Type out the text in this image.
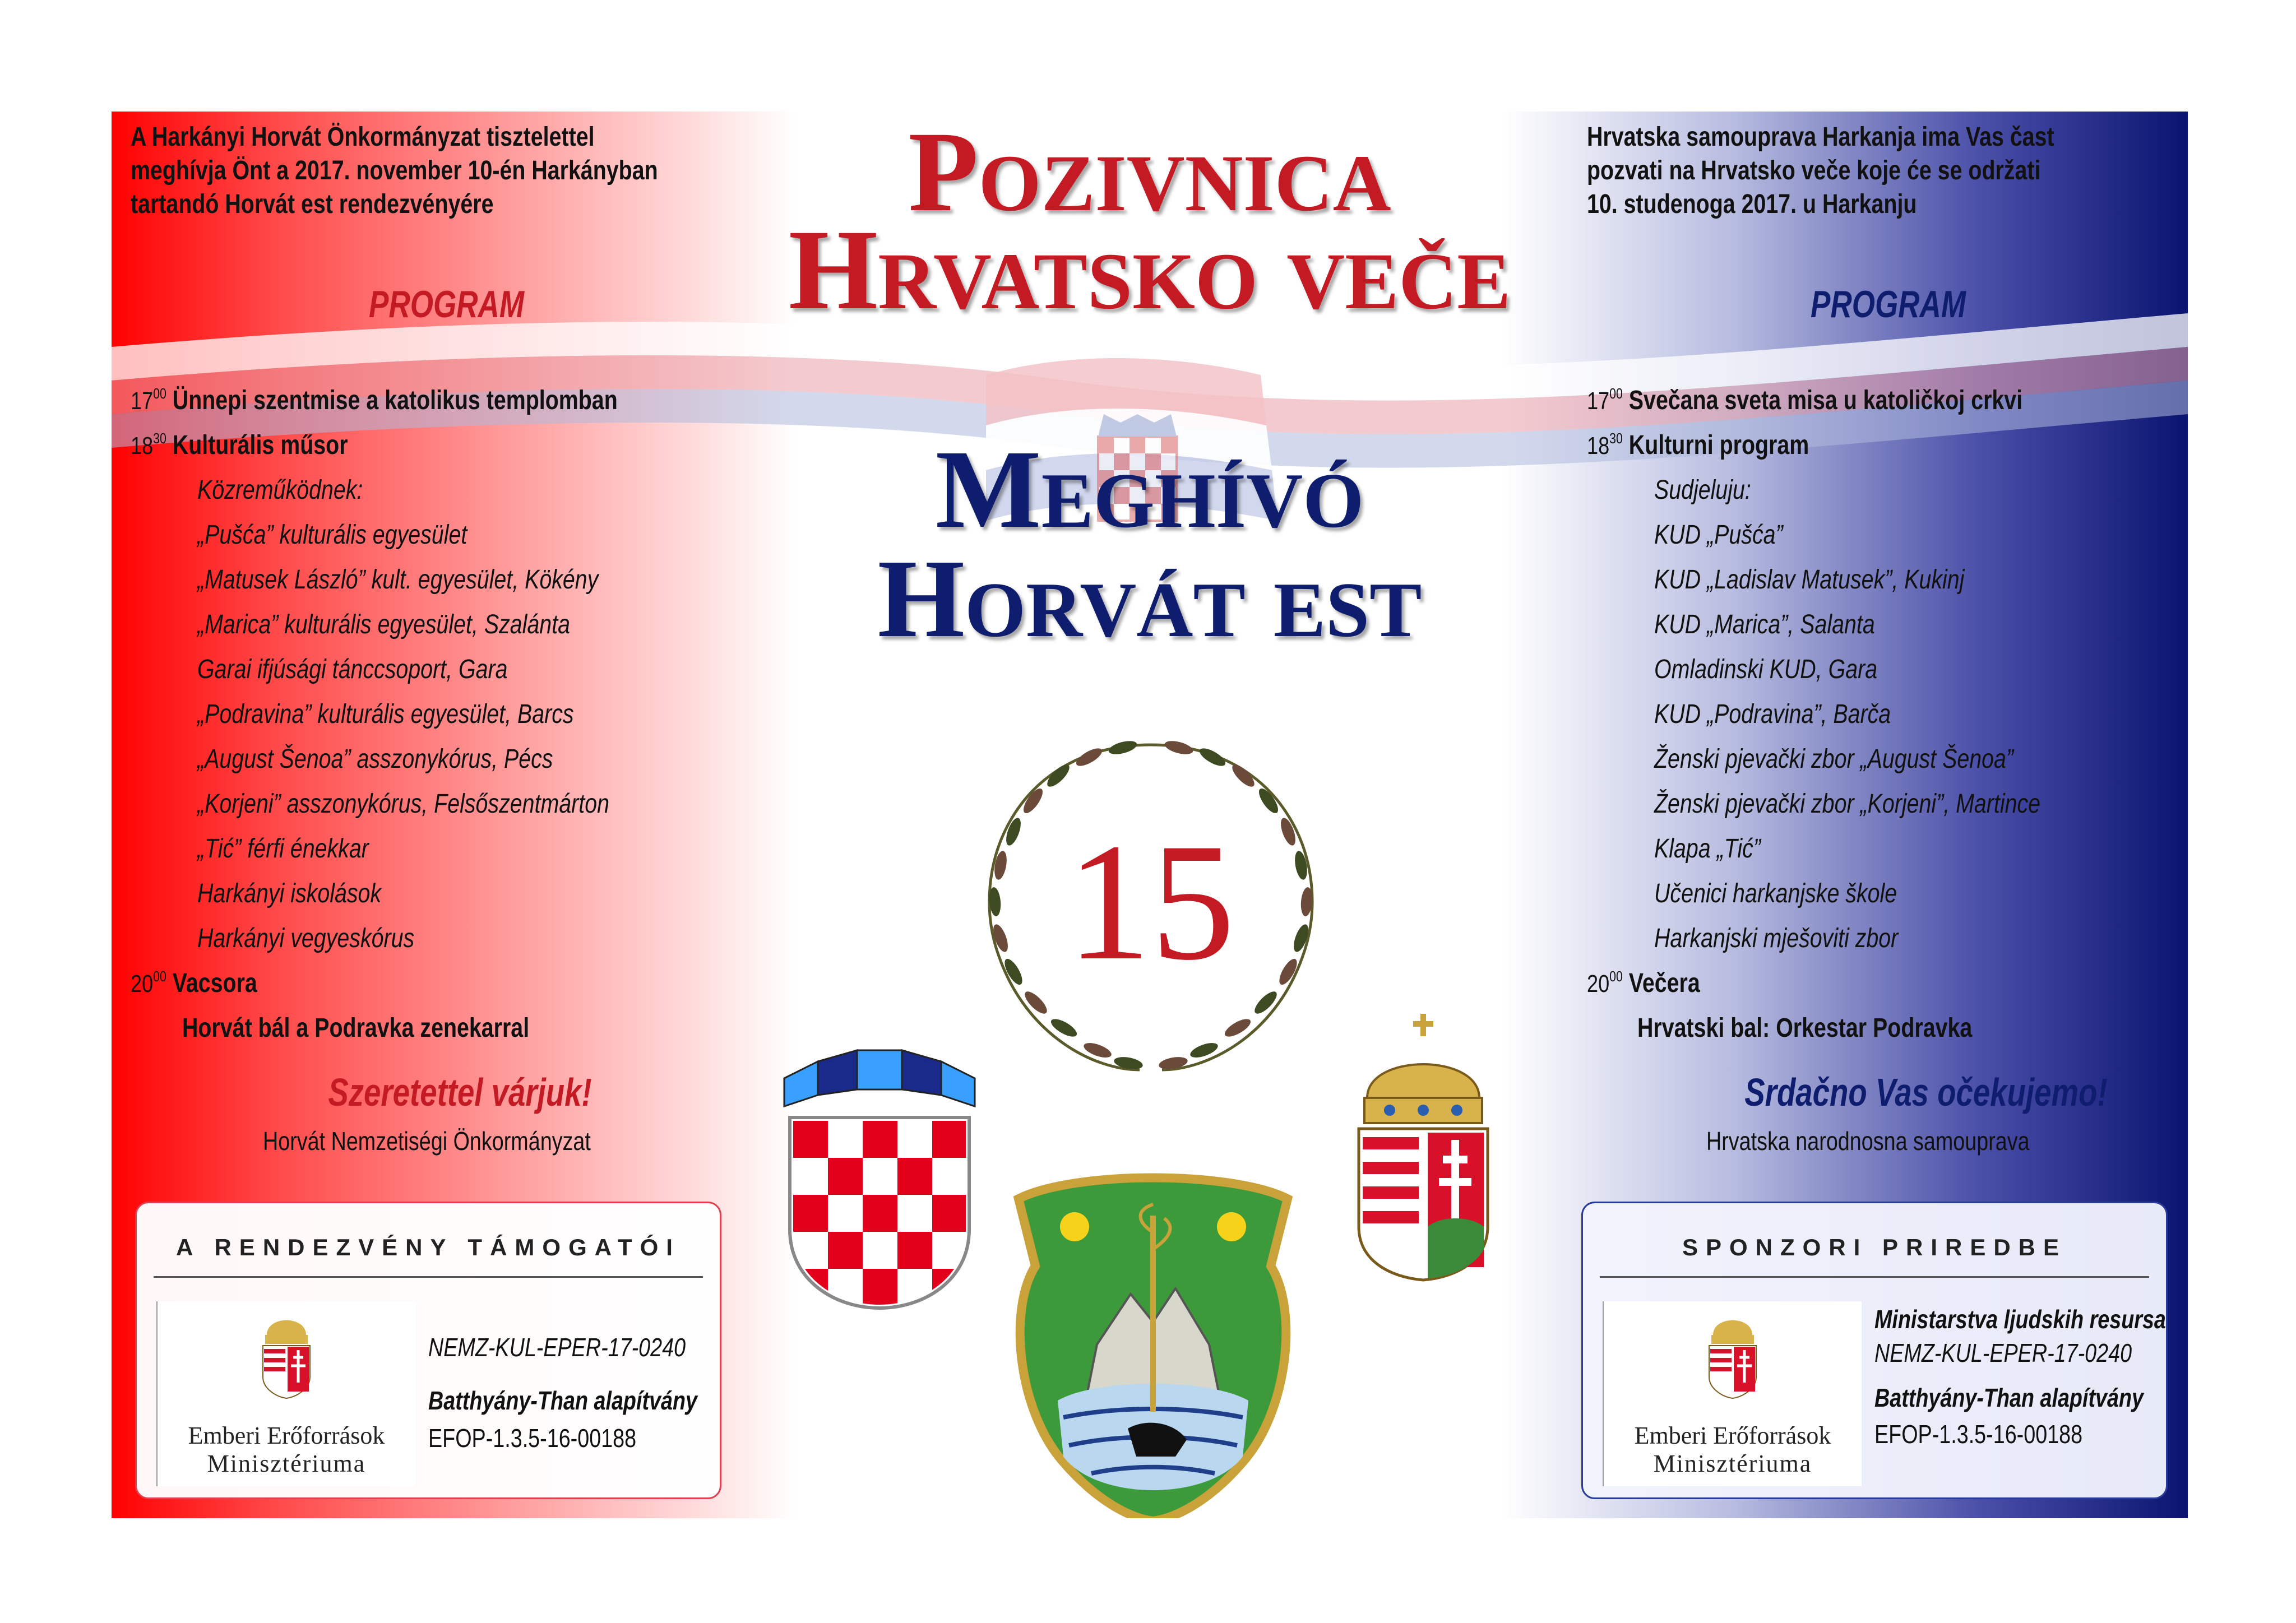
Pozivnica
Hrvatsko veče
Meghívó
Horvát est
15
A Harkányi Horvát Önkormányzat tisztelettel
meghívja Önt a 2017. november 10-én Harkányban
tartandó Horvát est rendezvényére
PROGRAM
$17^{00}$ Ünnepi szentmise a katolikus templomban
$18^{30}$ Kulturális műsor
Közreműködnek:
„Pušća” kulturális egyesület
„Matusek László” kult. egyesület, Kökény
„Marica” kulturális egyesület, Szalánta
Garai ifjúsági tánccsoport, Gara
„Podravina” kulturális egyesület, Barcs
„August Šenoa” asszonykórus, Pécs
„Korjeni” asszonykórus, Felsőszentmárton
„Tić” férfi énekkar
Harkányi iskolások
Harkányi vegyeskórus
$20^{00}$ Vacsora
Horvát bál a Podravka zenekarral
Szeretettel várjuk!
Horvát Nemzetiségi Önkormányzat
A RENDEZVÉNY TÁMOGATÓI
Emberi Erőforrások
Minisztériuma
NEMZ-KUL-EPER-17-0240
Batthyány-Than alapítvány
EFOP-1.3.5-16-00188
Hrvatska samouprava Harkanja ima Vas čast
pozvati na Hrvatsko veče koje će se održati
10. studenoga 2017. u Harkanju
PROGRAM
$17^{00}$ Svečana sveta misa u katoličkoj crkvi
$18^{30}$ Kulturni program
Sudjeluju:
KUD „Pušća”
KUD „Ladislav Matusek”, Kukinj
KUD „Marica”, Salanta
Omladinski KUD, Gara
KUD „Podravina”, Barča
Ženski pjevački zbor „August Šenoa”
Ženski pjevački zbor „Korjeni”, Martince
Klapa „Tić”
Učenici harkanjske škole
Harkanjski mješoviti zbor
$20^{00}$ Večera
Hrvatski bal: Orkestar Podravka
Srdačno Vas očekujemo!
Hrvatska narodnosna samouprava
SPONZORI PRIREDBE
Emberi Erőforrások
Minisztériuma
Ministarstva ljudskih resursa
NEMZ-KUL-EPER-17-0240
Batthyány-Than alapítvány
EFOP-1.3.5-16-00188
